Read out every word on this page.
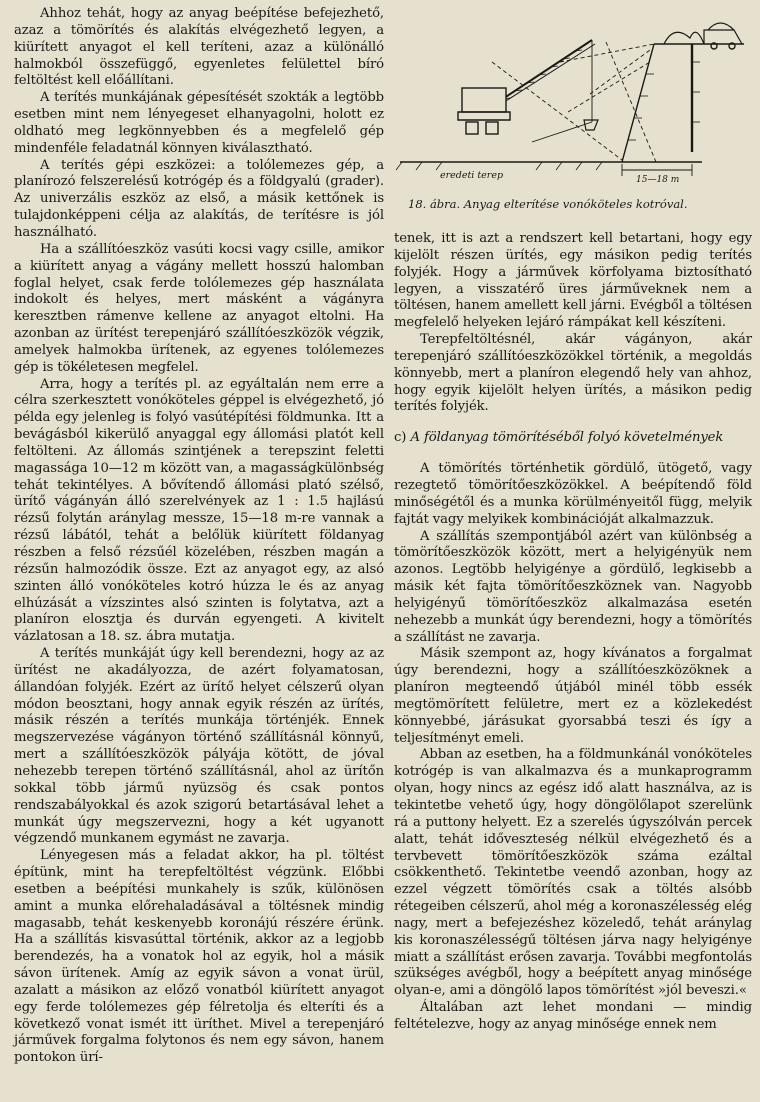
Ahhoz tehát, hogy az anyag beépítése befejezhető, azaz a tömörítés és alakítás elvégezhető legyen, a kiürített anyagot el kell teríteni, azaz a különálló halmokból összefüggő, egyenletes felülettel bíró feltöltést kell előállítani.

A terítés munkájának gépesítését szokták a legtöbb esetben mint nem lényegeset elhanyagolni, holott ez oldható meg legkönnyebben és a megfelelő gép mindenféle feladatnál könnyen kiválasztható.

A terítés gépi eszközei: a tolólemezes gép, a planírozó felszerelésű kotrógép és a földgyalú (grader). Az univerzális eszköz az első, a másik kettőnek is tulajdonképpeni célja az alakítás, de terítésre is jól használható.

Ha a szállítóeszköz vasúti kocsi vagy csille, amikor a kiürített anyag a vágány mellett hosszú halomban foglal helyet, csak ferde tolólemezes gép használata indokolt és helyes, mert másként a vágányra keresztben rámenve kellene az anyagot eltolni. Ha azonban az ürítést terepenjáró szállítóeszközök végzik, amelyek halmokba ürítenek, az egyenes tolólemezes gép is tökéletesen megfelel.

Arra, hogy a terítés pl. az egyáltalán nem erre a célra szerkesztett vonóköteles géppel is elvégezhető, jó példa egy jelenleg is folyó vasútépítési földmunka. Itt a bevágásból kikerülő anyaggal egy állomási platót kell feltölteni. Az állomás szintjének a terepszint feletti magassága 10—12 m között van, a magasságkülönbség tehát tekintélyes. A bővítendő állomási plató szélső, ürítő vágányán álló szerelvények az 1 : 1.5 hajlású rézsű folytán aránylag messze, 15—18 m-re vannak a rézsű lábától, tehát a belőlük kiürített földanyag részben a felső rézsűél közelében, részben magán a rézsűn halmozódik össze. Ezt az anyagot egy, az alsó szinten álló vonóköteles kotró húzza le és az anyag elhúzását a vízszintes alsó szinten is folytatva, azt a planíron elosztja és durván egyengeti. A kivitelt vázlatosan a 18. sz. ábra mutatja.

A terítés munkáját úgy kell berendezni, hogy az az ürítést ne akadályozza, de azért folyamatosan, állandóan folyjék. Ezért az ürítő helyet célszerű olyan módon beosztani, hogy annak egyik részén az ürítés, másik részén a terítés munkája történjék. Ennek megszervezése vágányon történő szállításnál könnyű, mert a szállítóeszközök pályája kötött, de jóval nehezebb terepen történő szállításnál, ahol az ürítőn sokkal több jármű nyüzsög és csak pontos rendszabályokkal és azok szigorú betartásával lehet a munkát úgy megszervezni, hogy a két ugyanott végzendő munkanem egymást ne zavarja.

Lényegesen más a feladat akkor, ha pl. töltést építünk, mint ha terepfeltöltést végzünk. Előbbi esetben a beépítési munkahely is szűk, különösen amint a munka előrehaladásával a töltésnek mindig magasabb, tehát keskenyebb koronájú részére érünk. Ha a szállítás kisvasúttal történik, akkor az a legjobb berendezés, ha a vonatok hol az egyik, hol a másik sávon ürítenek. Amíg az egyik sávon a vonat ürül, azalatt a másikon az előző vonatból kiürített anyagot egy ferde tolólemezes gép félretolja és elteríti és a következő vonat ismét itt üríthet. Mivel a terepenjáró járművek forgalma folytonos és nem egy sávon, hanem pontokon ürí-

eredeti terep	15—18 m
18. ábra. Anyag elterítése vonóköteles kotróval.

tenek, itt is azt a rendszert kell betartani, hogy egy kijelölt részen ürítés, egy másikon pedig terítés folyjék. Hogy a járművek körfolyama biztosítható legyen, a visszatérő üres járműveknek nem a töltésen, hanem amellett kell járni. Evégből a töltésen megfelelő helyeken lejáró rámpákat kell készíteni.

Terepfeltöltésnél, akár vágányon, akár terepenjáró szállítóeszközökkel történik, a megoldás könnyebb, mert a planíron elegendő hely van ahhoz, hogy egyik kijelölt helyen ürítés, a másikon pedig terítés folyjék.

c) A földanyag tömörítéséből folyó követelmények

A tömörítés történhetik gördülő, ütögető, vagy rezegtető tömörítőeszközökkel. A beépítendő föld minőségétől és a munka körülményeitől függ, melyik fajtát vagy melyikek kombinációját alkalmazzuk.

A szállítás szempontjából azért van különbség a tömörítőeszközök között, mert a helyigényük nem azonos. Legtöbb helyigénye a gördülő, legkisebb a másik két fajta tömörítőeszköznek van. Nagyobb helyigényű tömörítőeszköz alkalmazása esetén nehezebb a munkát úgy berendezni, hogy a tömörítés a szállítást ne zavarja.

Másik szempont az, hogy kívánatos a forgalmat úgy berendezni, hogy a szállítóeszközöknek a planíron megteendő útjából minél több essék megtömörített felületre, mert ez a közlekedést könnyebbé, járásukat gyorsabbá teszi és így a teljesítményt emeli.

Abban az esetben, ha a földmunkánál vonóköteles kotrógép is van alkalmazva és a munkaprogramm olyan, hogy nincs az egész idő alatt használva, az is tekintetbe vehető úgy, hogy döngölőlapot szerelünk rá a puttony helyett. Ez a szerelés úgyszólván percek alatt, tehát időveszteség nélkül elvégezhető és a tervbevett tömörítőeszközök száma ezáltal csökkenthető. Tekintetbe veendő azonban, hogy az ezzel végzett tömörítés csak a töltés alsóbb rétegeiben célszerű, ahol még a koronaszélesség elég nagy, mert a befejezéshez közeledő, tehát aránylag kis koronaszélességű töltésen járva nagy helyigénye miatt a szállítást erősen zavarja. További megfontolás szükséges avégből, hogy a beépített anyag minősége olyan-e, ami a döngölő lapos tömörítést »jól beveszi.«

Általában azt lehet mondani — mindig feltételezve, hogy az anyag minősége ennek nem
